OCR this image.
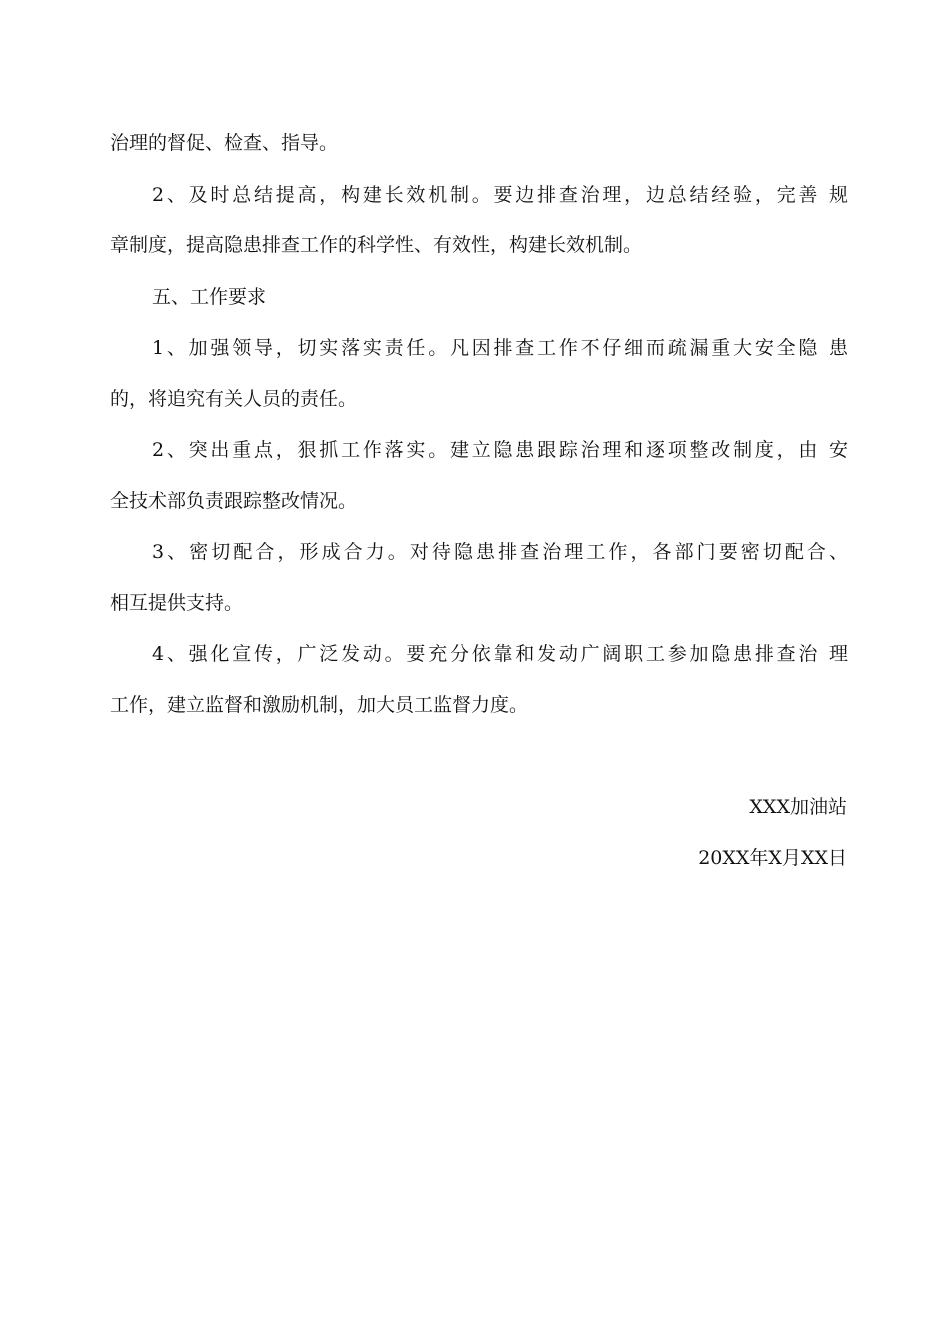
治理的督促、检查、指导。
2、及时总结提高，构建长效机制。要边排查治理，边总结经验，完善 规
章制度，提高隐患排查工作的科学性、有效性，构建长效机制。
五、工作要求
1、加强领导，切实落实责任。凡因排查工作不仔细而疏漏重大安全隐 患
的，将追究有关人员的责任。
2、突出重点，狠抓工作落实。建立隐患跟踪治理和逐项整改制度，由 安
全技术部负责跟踪整改情况。
3、密切配合，形成合力。对待隐患排查治理工作，各部门要密切配合、
相互提供支持。
4、强化宣传，广泛发动。要充分依靠和发动广阔职工参加隐患排查治 理
工作，建立监督和激励机制，加大员工监督力度。
XXX加油站
20XX年X月XX日
